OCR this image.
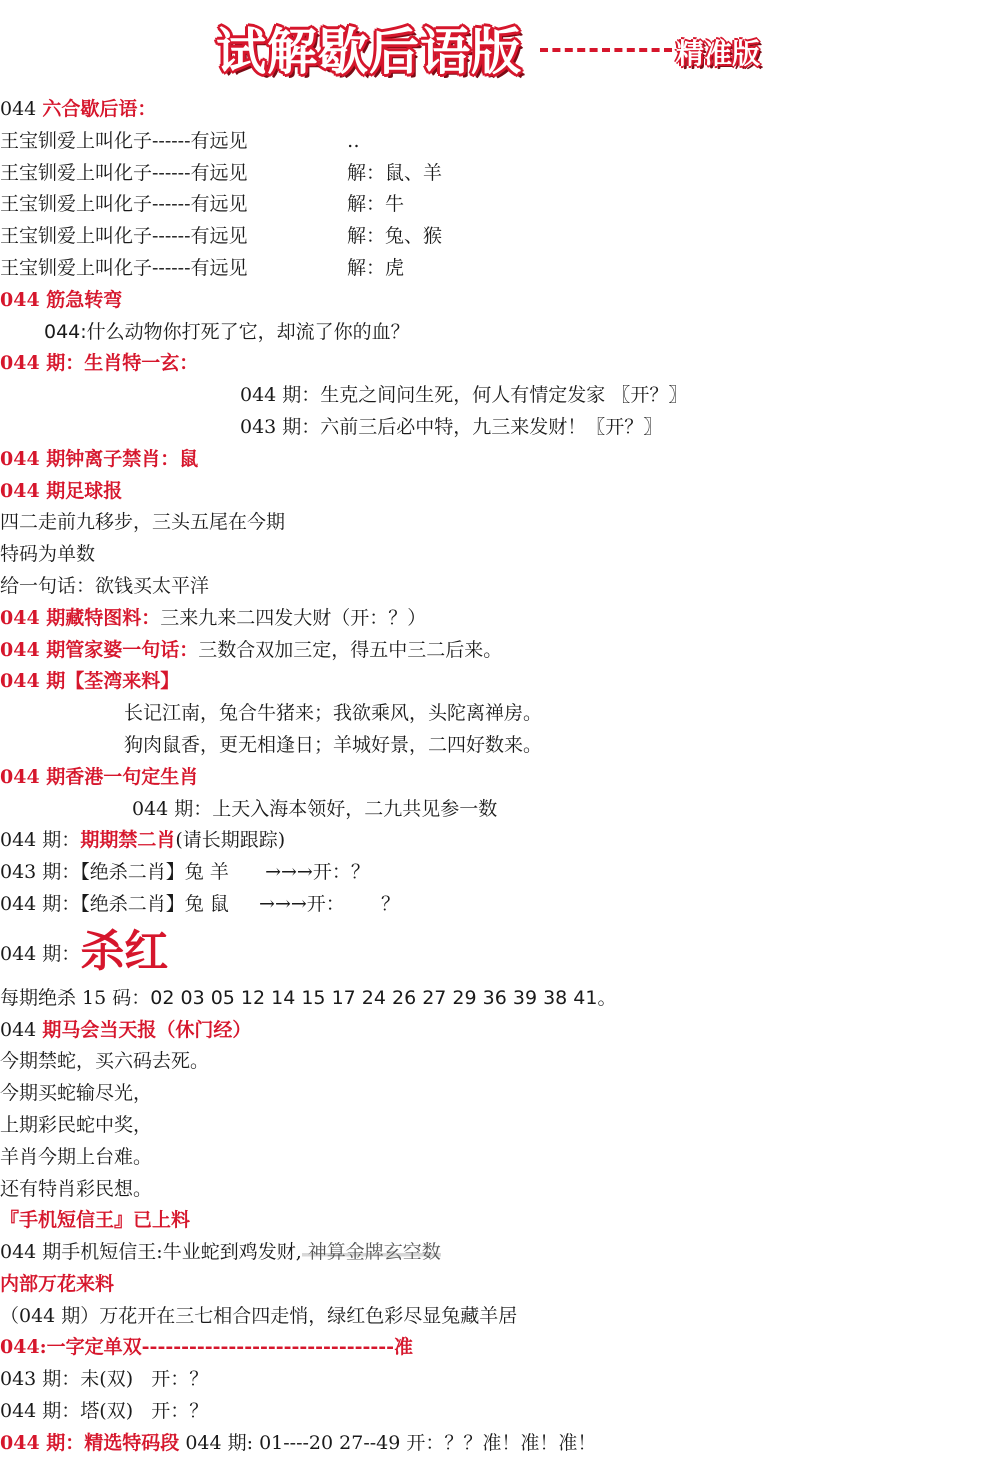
试解歇后语版	精准版
044 六合歇后语：
王宝钏爱上叫化子------有远见	‥
王宝钏爱上叫化子------有远见	解：鼠、羊
王宝钏爱上叫化子------有远见	解：牛
王宝钏爱上叫化子------有远见	解：兔、猴
王宝钏爱上叫化子------有远见	解：虎
044 筋急转弯
044:什么动物你打死了它，却流了你的血？
044 期：生肖特一玄：
044 期：生克之间问生死，何人有情定发家 〖开？〗
043 期：六前三后必中特，九三来发财！〖开？〗
044 期钟离子禁肖：鼠
044 期足球报
四二走前九移步，三头五尾在今期
特码为单数
给一句话：欲钱买太平洋
044 期藏特图料：三来九来二四发大财（开：？）
044 期管家婆一句话：三数合双加三定，得五中三二后来。
044 期【荃湾来料】
长记江南，兔合牛猪来；我欲乘风，头陀离禅房。
狗肉鼠香，更无相逢日；羊城好景，二四好数来。
044 期香港一句定生肖
044 期：上天入海本领好，二九共见参一数
044 期：期期禁二肖(请长期跟踪)
043 期：【绝杀二肖】兔 羊      →→→开：？
044 期：【绝杀二肖】兔 鼠     →→→开：      ？
044 期：杀红
每期绝杀 15 码：02 03 05 12 14 15 17 24 26 27 29 36 39 38 41。
044 期马会当天报（休门经）
今期禁蛇，买六码去死。
今期买蛇输尽光，
上期彩民蛇中奖，
羊肖今期上台难。
还有特肖彩民想。
『手机短信王』已上料
044 期手机短信王:牛业蛇到鸡发财, 神算金牌玄空数
内部万花来料
（044 期）万花开在三七相合四走悄，绿红色彩尽显兔藏羊居
044:一字定单双--------------------------------准
043 期：未(双)   开：？
044 期：塔(双)   开：？
044 期：精选特码段 044 期: 01----20 27--49 开：？？准！准！准！
